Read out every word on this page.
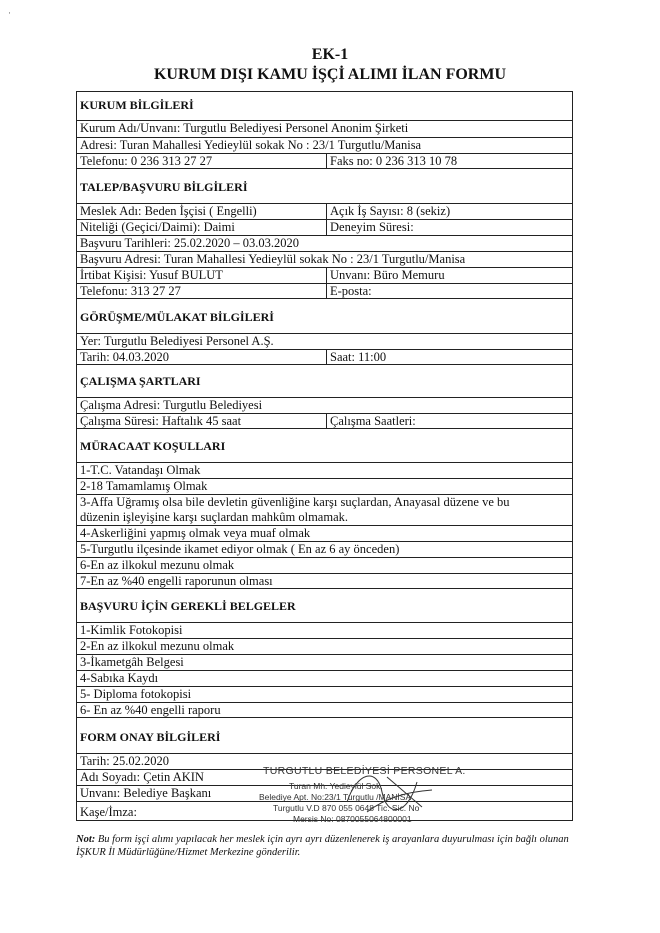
EK-1
KURUM DIŞI KAMU İŞÇİ ALIMI İLAN FORMU
·
KURUM BİLGİLERİ
Kurum Adı/Unvanı: Turgutlu Belediyesi Personel Anonim Şirketi
Adresi: Turan Mahallesi Yedieylül sokak No : 23/1 Turgutlu/Manisa
Telefonu: 0 236 313 27 27	Faks no: 0 236 313 10 78
TALEP/BAŞVURU BİLGİLERİ
Meslek Adı: Beden İşçisi ( Engelli)	Açık İş Sayısı: 8 (sekiz)
Niteliği (Geçici/Daimi): Daimi	Deneyim Süresi:
Başvuru Tarihleri: 25.02.2020 – 03.03.2020
Başvuru Adresi: Turan Mahallesi Yedieylül sokak No : 23/1 Turgutlu/Manisa
İrtibat Kişisi: Yusuf BULUT	Unvanı: Büro Memuru
Telefonu: 313 27 27	E-posta:
GÖRÜŞME/MÜLAKAT BİLGİLERİ
Yer: Turgutlu Belediyesi Personel A.Ş.
Tarih: 04.03.2020	Saat: 11:00
ÇALIŞMA ŞARTLARI
Çalışma Adresi: Turgutlu Belediyesi
Çalışma Süresi: Haftalık 45 saat	Çalışma Saatleri:
MÜRACAAT KOŞULLARI
1-T.C. Vatandaşı Olmak
2-18 Tamamlamış Olmak
3-Affa Uğramış olsa bile devletin güvenliğine karşı suçlardan, Anayasal düzene ve bu
düzenin işleyişine karşı suçlardan mahkûm olmamak.
4-Askerliğini yapmış olmak veya muaf olmak
5-Turgutlu ilçesinde ikamet ediyor olmak ( En az 6 ay önceden)
6-En az ilkokul mezunu olmak
7-En az %40 engelli raporunun olması
BAŞVURU İÇİN GEREKLİ BELGELER
1-Kimlik Fotokopisi
2-En az ilkokul mezunu olmak
3-İkametgâh Belgesi
4-Sabıka Kaydı
5- Diploma fotokopisi
6- En az %40 engelli raporu
FORM ONAY BİLGİLERİ
Tarih: 25.02.2020
Adı Soyadı: Çetin AKIN
Unvanı: Belediye Başkanı
Kaşe/İmza:
TURGUTLU BELEDİYESİ PERSONEL A.
Turan Mh. Yedieylül Sok.
Belediye Apt. No:23/1 Turgutlu /MANİSA
Turgutlu V.D 870 055 0648 Tic. Sic. No
Mersis No: 0870055064800001
Not: Bu form işçi alımı yapılacak her meslek için ayrı ayrı düzenlenerek iş arayanlara duyurulması için bağlı olunan İŞKUR İl Müdürlüğüne/Hizmet Merkezine gönderilir.
